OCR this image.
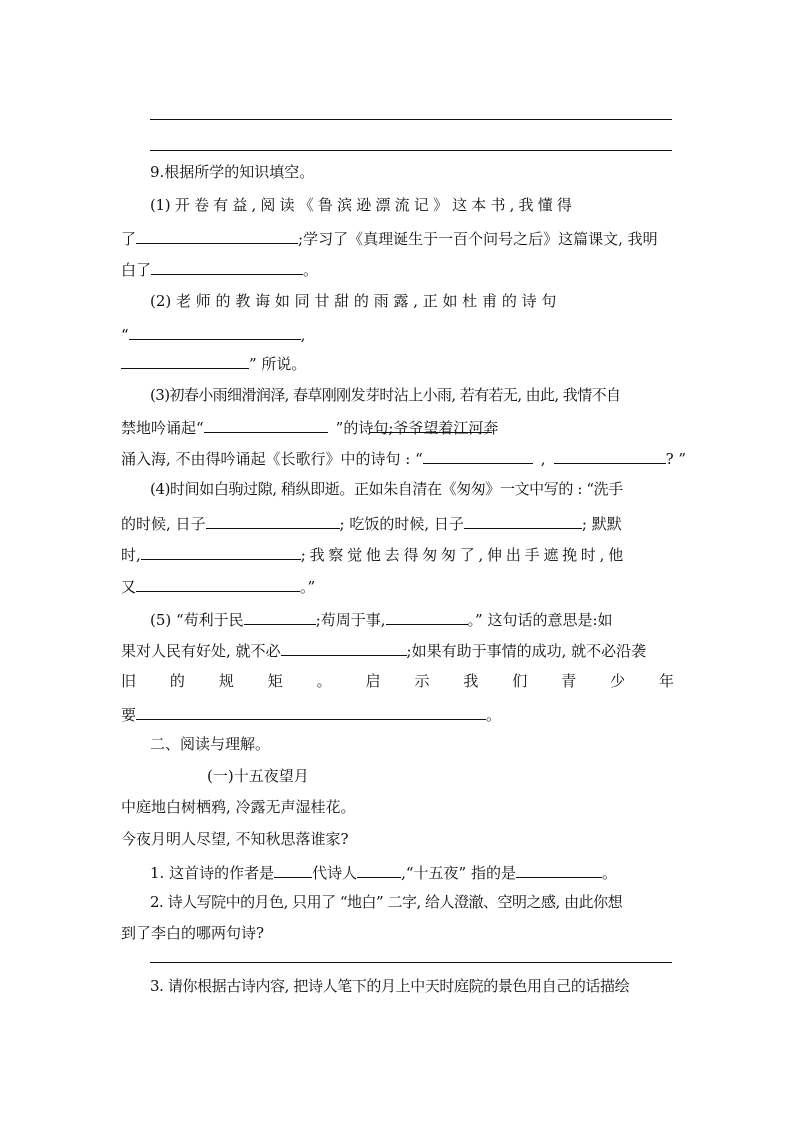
9.根据所学的知识填空。
(1) 开 卷 有 益 , 阅 读 《 鲁 滨 逊 漂 流 记 》 这 本 书 , 我 懂 得
了	;学习了《真理诞生于一百个问号之后》这篇课文, 我明
白了	。
(2) 老 师 的 教 诲 如 同 甘 甜 的 雨 露 , 正 如 杜 甫 的 诗 句
“	,
” 所说。
(3)初春小雨细滑润泽, 春草刚刚发芽时沾上小雨, 若有若无, 由此, 我情不自
禁地吟诵起“	”的诗句;爷爷望着江河奔
涌入海, 不由得吟诵起《长歌行》中的诗句 : “	,	? ”
(4)时间如白驹过隙, 稍纵即逝。正如朱自清在《匆匆》一文中写的 : “洗手
的时候, 日子	; 吃饭的时候, 日子	; 默默
时,	; 我 察 觉 他 去 得 匆 匆 了 , 伸 出 手 遮 挽 时 , 他
又	。”
(5) “苟利于民	;苟周于事,	。” 这句话的意思是:如
果对人民有好处, 就不必	;如果有助于事情的成功, 就不必沿袭
旧 的 规 矩 。 启 示 我 们 青 少 年
要	。
二、阅读与理解。
(一)十五夜望月
中庭地白树栖鸦, 冷露无声湿桂花。
今夜月明人尽望, 不知秋思落谁家?
1. 这首诗的作者是	代诗人	,“十五夜” 指的是	。
2. 诗人写院中的月色, 只用了 “地白” 二字, 给人澄澈、空明之感, 由此你想
到了李白的哪两句诗?
3. 请你根据古诗内容, 把诗人笔下的月上中天时庭院的景色用自己的话描绘
